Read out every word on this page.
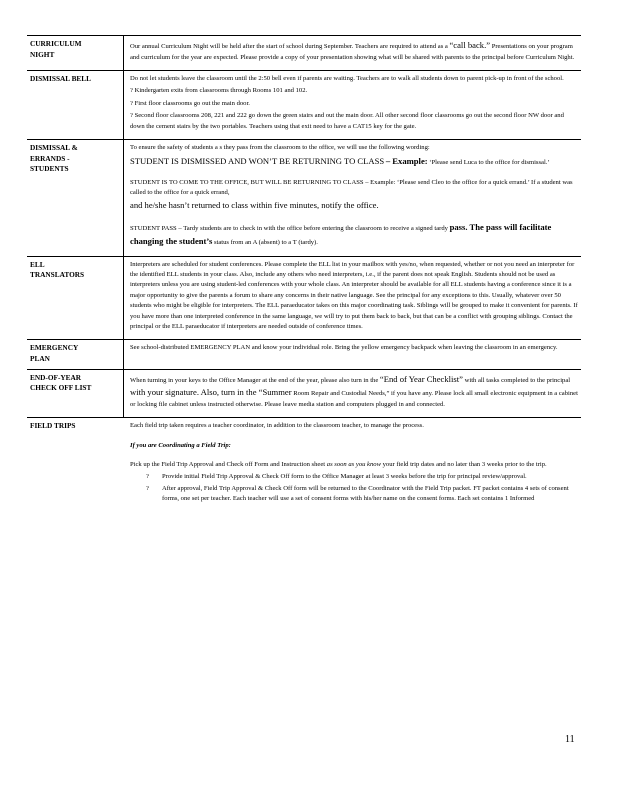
CURRICULUM
NIGHT

Our annual Curriculum Night will be held after the start of school during September. Teachers are required to attend as a “call back.” Presentations on your program and curriculum for the year are expected. Please provide a copy of your presentation showing what will be shared with parents to the principal before Curriculum Night.

DISMISSAL BELL	Do not let students leave the classroom until the 2:50 bell even if parents are waiting. Teachers are to walk all students down to parent pick-up in front of the school.

? Kindergarten exits from classrooms through Rooms 101 and 102.

? First floor classrooms go out the main door.

? Second floor classrooms 208, 221 and 222 go down the green stairs and out the main door. All other second floor classrooms go out the second floor NW door and down the cement stairs by the two portables. Teachers using that exit need to have a CAT15 key for the gate.

DISMISSAL &
ERRANDS -
STUDENTS

To ensure the safety of students a s they pass from the classroom to the office, we will use the following wording:

STUDENT IS DISMISSED AND WON’T BE RETURNING TO CLASS – Example: ‘Please send Luca to the office for dismissal.’

STUDENT IS TO COME TO THE OFFICE, BUT WILL BE RETURNING TO CLASS – Example: ‘Please send Cleo to the office for a quick errand.’ If a student was called to the office for a quick errand,
and he/she hasn’t returned to class within five minutes, notify the office.

STUDENT PASS – Tardy students are to check in with the office before entering the classroom to receive a signed tardy pass. The pass will facilitate changing the student’s status from an A (absent) to a T (tardy).

ELL
TRANSLATORS

Interpreters are scheduled for student conferences. Please complete the ELL list in your mailbox with yes/no, when requested, whether or not you need an interpreter for the identified ELL students in your class. Also, include any others who need interpreters, i.e., if the parent does not speak English. Students should not be used as interpreters unless you are using student-led conferences with your whole class. An interpreter should be available for all ELL students having a conference since it is a major opportunity to give the parents a forum to share any concerns in their native language. See the principal for any exceptions to this. Usually, whatever over 50 students who might be eligible for interpreters. The ELL paraeducator takes on this major coordinating task. Siblings will be grouped to make it convenient for parents. If you have more than one interpreted conference in the same language, we will try to put them back to back, but that can be a conflict with grouping siblings. Contact the principal or the ELL paraeducator if interpreters are needed outside of conference times.

EMERGENCY
PLAN

See school-distributed EMERGENCY PLAN and know your individual role. Bring the yellow emergency backpack when leaving the classroom in an emergency.

END-OF-YEAR
CHECK OFF LIST

When turning in your keys to the Office Manager at the end of the year, please also turn in the “End of Year Checklist” with all tasks completed to the principal with your signature. Also, turn in the “Summer Room Repair and Custodial Needs,” if you have any. Please lock all small electronic equipment in a cabinet or locking file cabinet unless instructed otherwise. Please leave media station and computers plugged in and connected.

FIELD TRIPS	Each field trip taken requires a teacher coordinator, in addition to the classroom teacher, to manage the process.

If you are Coordinating a Field Trip:

Pick up the Field Trip Approval and Check off Form and Instruction sheet as soon as you know your field trip dates and no later than 3 weeks prior to the trip.

? Provide initial Field Trip Approval & Check Off form to the Office Manager at least 3 weeks before the trip for principal review/approval.
? After approval, Field Trip Approval & Check Off form will be returned to the Coordinator with the Field Trip packet. FT packet contains 4 sets of consent forms, one set per teacher. Each teacher will use a set of consent forms with his/her name on the consent forms. Each set contains 1 Informed
11
